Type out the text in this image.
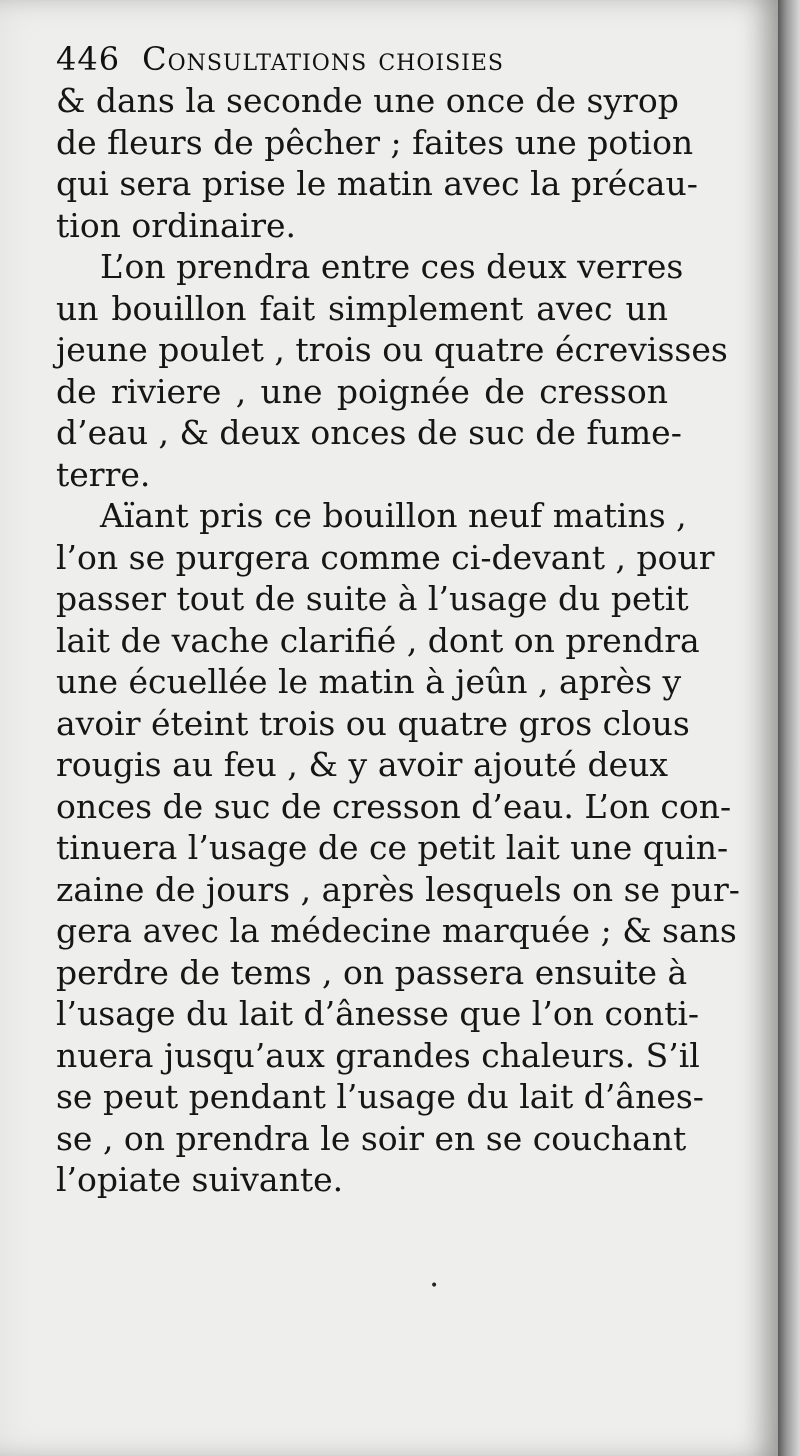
446 Consultations choisies
& dans la seconde une once de syrop
de fleurs de pêcher ; faites une potion
qui sera prise le matin avec la précau-
tion ordinaire.
L’on prendra entre ces deux verres
un bouillon fait simplement avec un
jeune poulet , trois ou quatre écrevisses
de riviere , une poignée de cresson
d’eau , & deux onces de suc de fume-
terre.
Aïant pris ce bouillon neuf matins ,
l’on se purgera comme ci-devant , pour
passer tout de suite à l’usage du petit
lait de vache clarifié , dont on prendra
une écuellée le matin à jeûn , après y
avoir éteint trois ou quatre gros clous
rougis au feu , & y avoir ajouté deux
onces de suc de cresson d’eau. L’on con-
tinuera l’usage de ce petit lait une quin-
zaine de jours , après lesquels on se pur-
gera avec la médecine marquée ; & sans
perdre de tems , on passera ensuite à
l’usage du lait d’ânesse que l’on conti-
nuera jusqu’aux grandes chaleurs. S’il
se peut pendant l’usage du lait d’ânes-
se , on prendra le soir en se couchant
l’opiate suivante.
•
